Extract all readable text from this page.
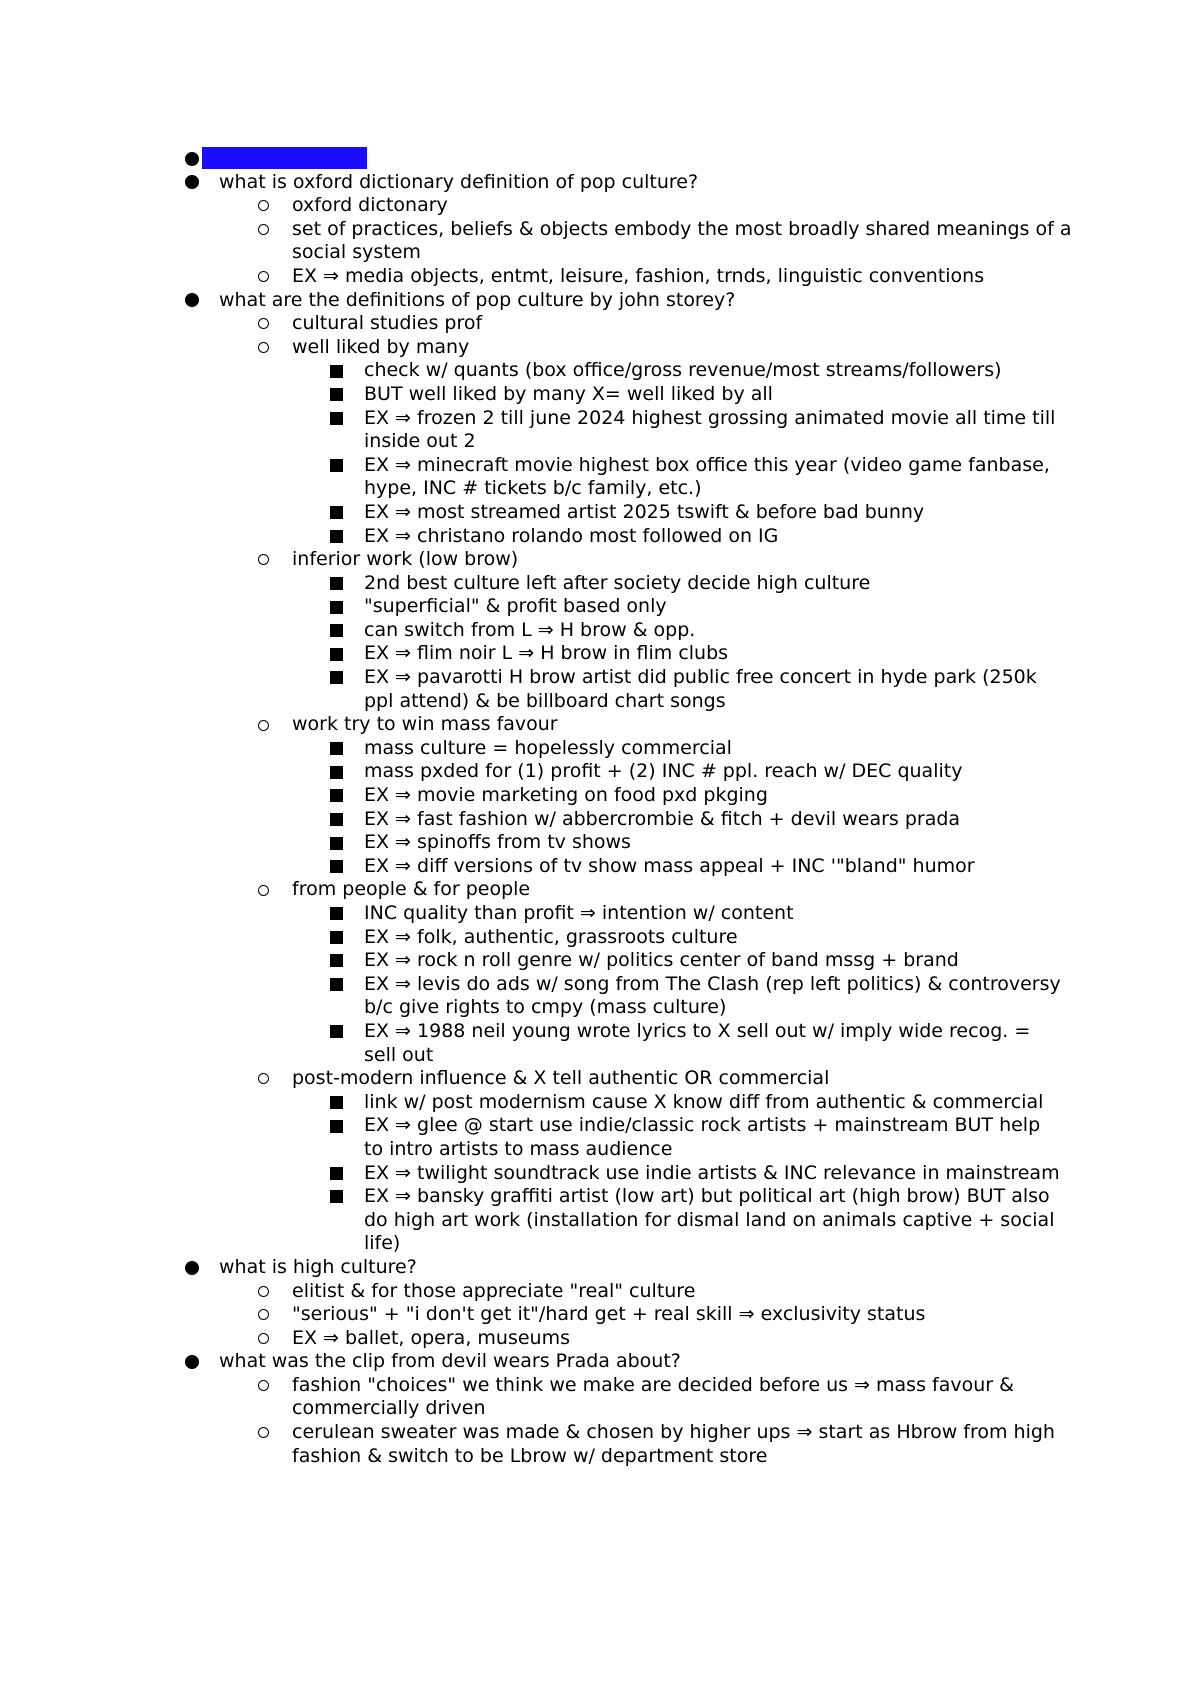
lecture content
what is oxford dictionary definition of pop culture?
oxford dictonary
set of practices, beliefs & objects embody the most broadly shared meanings of a social system
EX ⇒ media objects, entmt, leisure, fashion, trnds, linguistic conventions
what are the definitions of pop culture by john storey?
cultural studies prof
well liked by many
check w/ quants (box office/gross revenue/most streams/followers)
BUT well liked by many X= well liked by all
EX ⇒ frozen 2 till june 2024 highest grossing animated movie all time till inside out 2
EX ⇒ minecraft movie highest box office this year (video game fanbase, hype, INC # tickets b/c family, etc.)
EX ⇒ most streamed artist 2025 tswift & before bad bunny
EX ⇒ christano rolando most followed on IG
inferior work (low brow)
2nd best culture left after society decide high culture
"superficial" & profit based only
can switch from L ⇒ H brow & opp.
EX ⇒ flim noir L ⇒ H brow in flim clubs
EX ⇒ pavarotti H brow artist did public free concert in hyde park (250k ppl attend) & be billboard chart songs
work try to win mass favour
mass culture = hopelessly commercial
mass pxded for (1) profit + (2) INC # ppl. reach w/ DEC quality
EX ⇒ movie marketing on food pxd pkging
EX ⇒ fast fashion w/ abbercrombie & fitch + devil wears prada
EX ⇒ spinoffs from tv shows
EX ⇒ diff versions of tv show mass appeal + INC '"bland" humor
from people & for people
INC quality than profit ⇒ intention w/ content
EX ⇒ folk, authentic, grassroots culture
EX ⇒ rock n roll genre w/ politics center of band mssg + brand
EX ⇒ levis do ads w/ song from The Clash (rep left politics) & controversy b/c give rights to cmpy (mass culture)
EX ⇒ 1988 neil young wrote lyrics to X sell out w/ imply wide recog. = sell out
post-modern influence & X tell authentic OR commercial
link w/ post modernism cause X know diff from authentic & commercial
EX ⇒ glee @ start use indie/classic rock artists + mainstream BUT help to intro artists to mass audience
EX ⇒ twilight soundtrack use indie artists & INC relevance in mainstream
EX ⇒ bansky graffiti artist (low art) but political art (high brow) BUT also do high art work (installation for dismal land on animals captive + social life)
what is high culture?
elitist & for those appreciate "real" culture
"serious" + "i don't get it"/hard get + real skill ⇒ exclusivity status
EX ⇒ ballet, opera, museums
what was the clip from devil wears Prada about?
fashion "choices" we think we make are decided before us ⇒ mass favour & commercially driven
cerulean sweater was made & chosen by higher ups ⇒ start as Hbrow from high fashion & switch to be Lbrow w/ department store
